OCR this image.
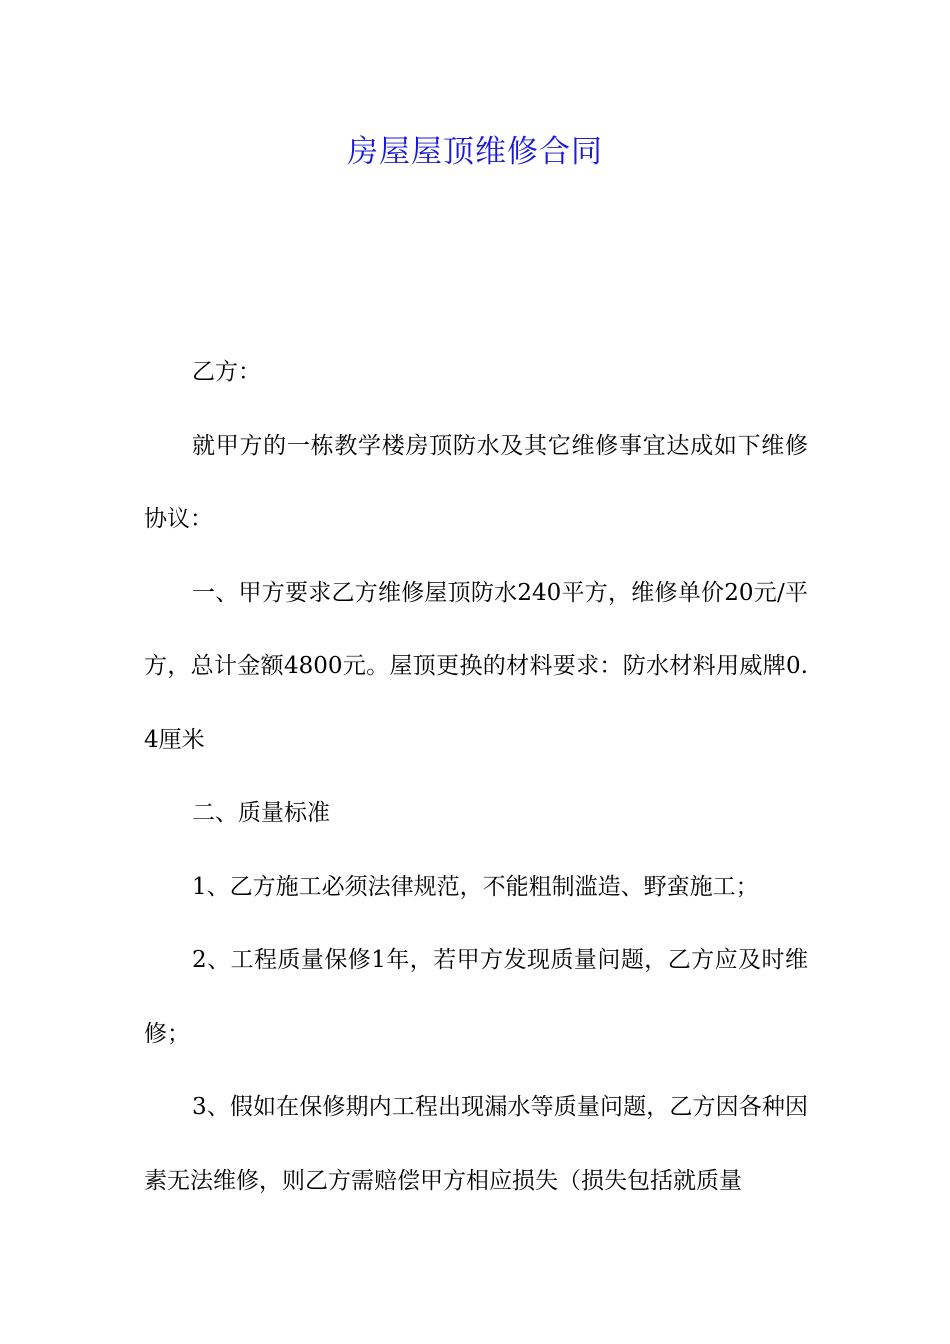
房屋屋顶维修合同

乙方：

就甲方的一栋教学楼房顶防水及其它维修事宜达成如下维修协议：

一、甲方要求乙方维修屋顶防水240平方，维修单价20元/平方，总计金额4800元。屋顶更换的材料要求：防水材料用威牌0.4厘米

二、质量标准

1、乙方施工必须法律规范，不能粗制滥造、野蛮施工；

2、工程质量保修1年，若甲方发现质量问题，乙方应及时维修；

3、假如在保修期内工程出现漏水等质量问题，乙方因各种因素无法维修，则乙方需赔偿甲方相应损失（损失包括就质量
